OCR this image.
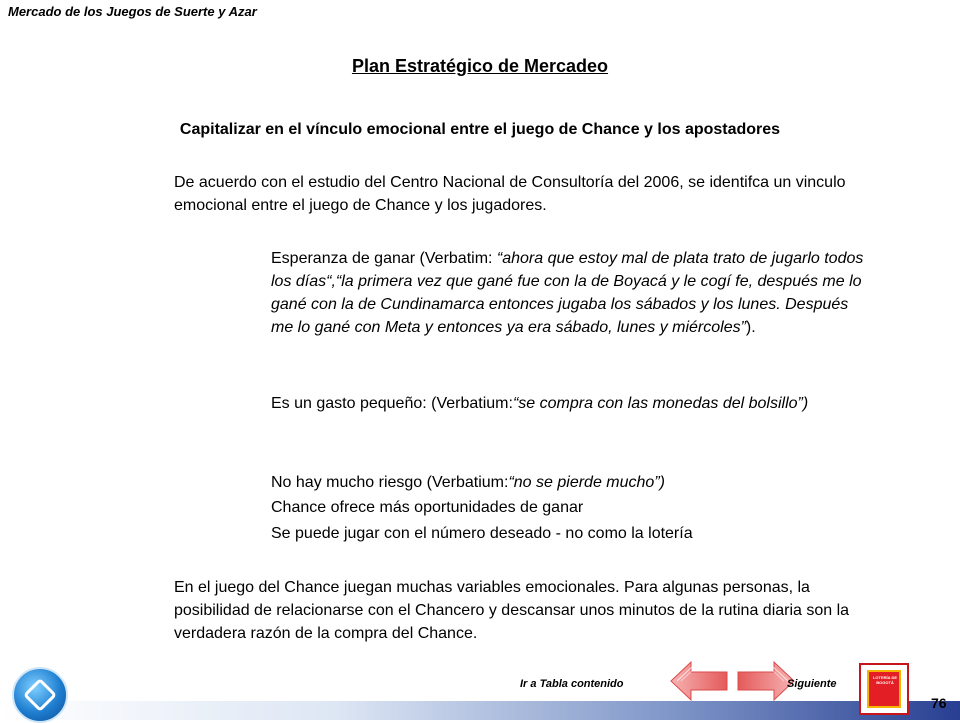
Mercado de los Juegos de Suerte y Azar
Plan Estratégico de Mercadeo
Capitalizar en el vínculo emocional entre el juego de Chance y los apostadores

De acuerdo con el estudio del Centro Nacional de Consultoría del 2006, se identifca un vinculo emocional entre el juego de Chance y los jugadores.

Esperanza de ganar (Verbatim: “ahora que estoy mal de plata trato de jugarlo todos los días“,“la primera vez que gané fue con la de Boyacá y le cogí fe, después me lo gané con la de Cundinamarca entonces jugaba los sábados y los lunes. Después me lo gané con Meta y entonces ya era sábado, lunes y miércoles”).

Es un gasto pequeño: (Verbatium:“se compra con las monedas del bolsillo”)

No hay mucho riesgo (Verbatium:“no se pierde mucho”)

Chance ofrece más oportunidades de ganar

Se puede jugar con el número deseado - no como la lotería

En el juego del Chance juegan muchas variables emocionales. Para algunas personas, la posibilidad de relacionarse con el Chancero y descansar unos minutos de la rutina diaria son la verdadera razón de la compra del Chance.

Ir a Tabla contenido	Siguiente
LOTERÍA DE BOGOTÁ
76
